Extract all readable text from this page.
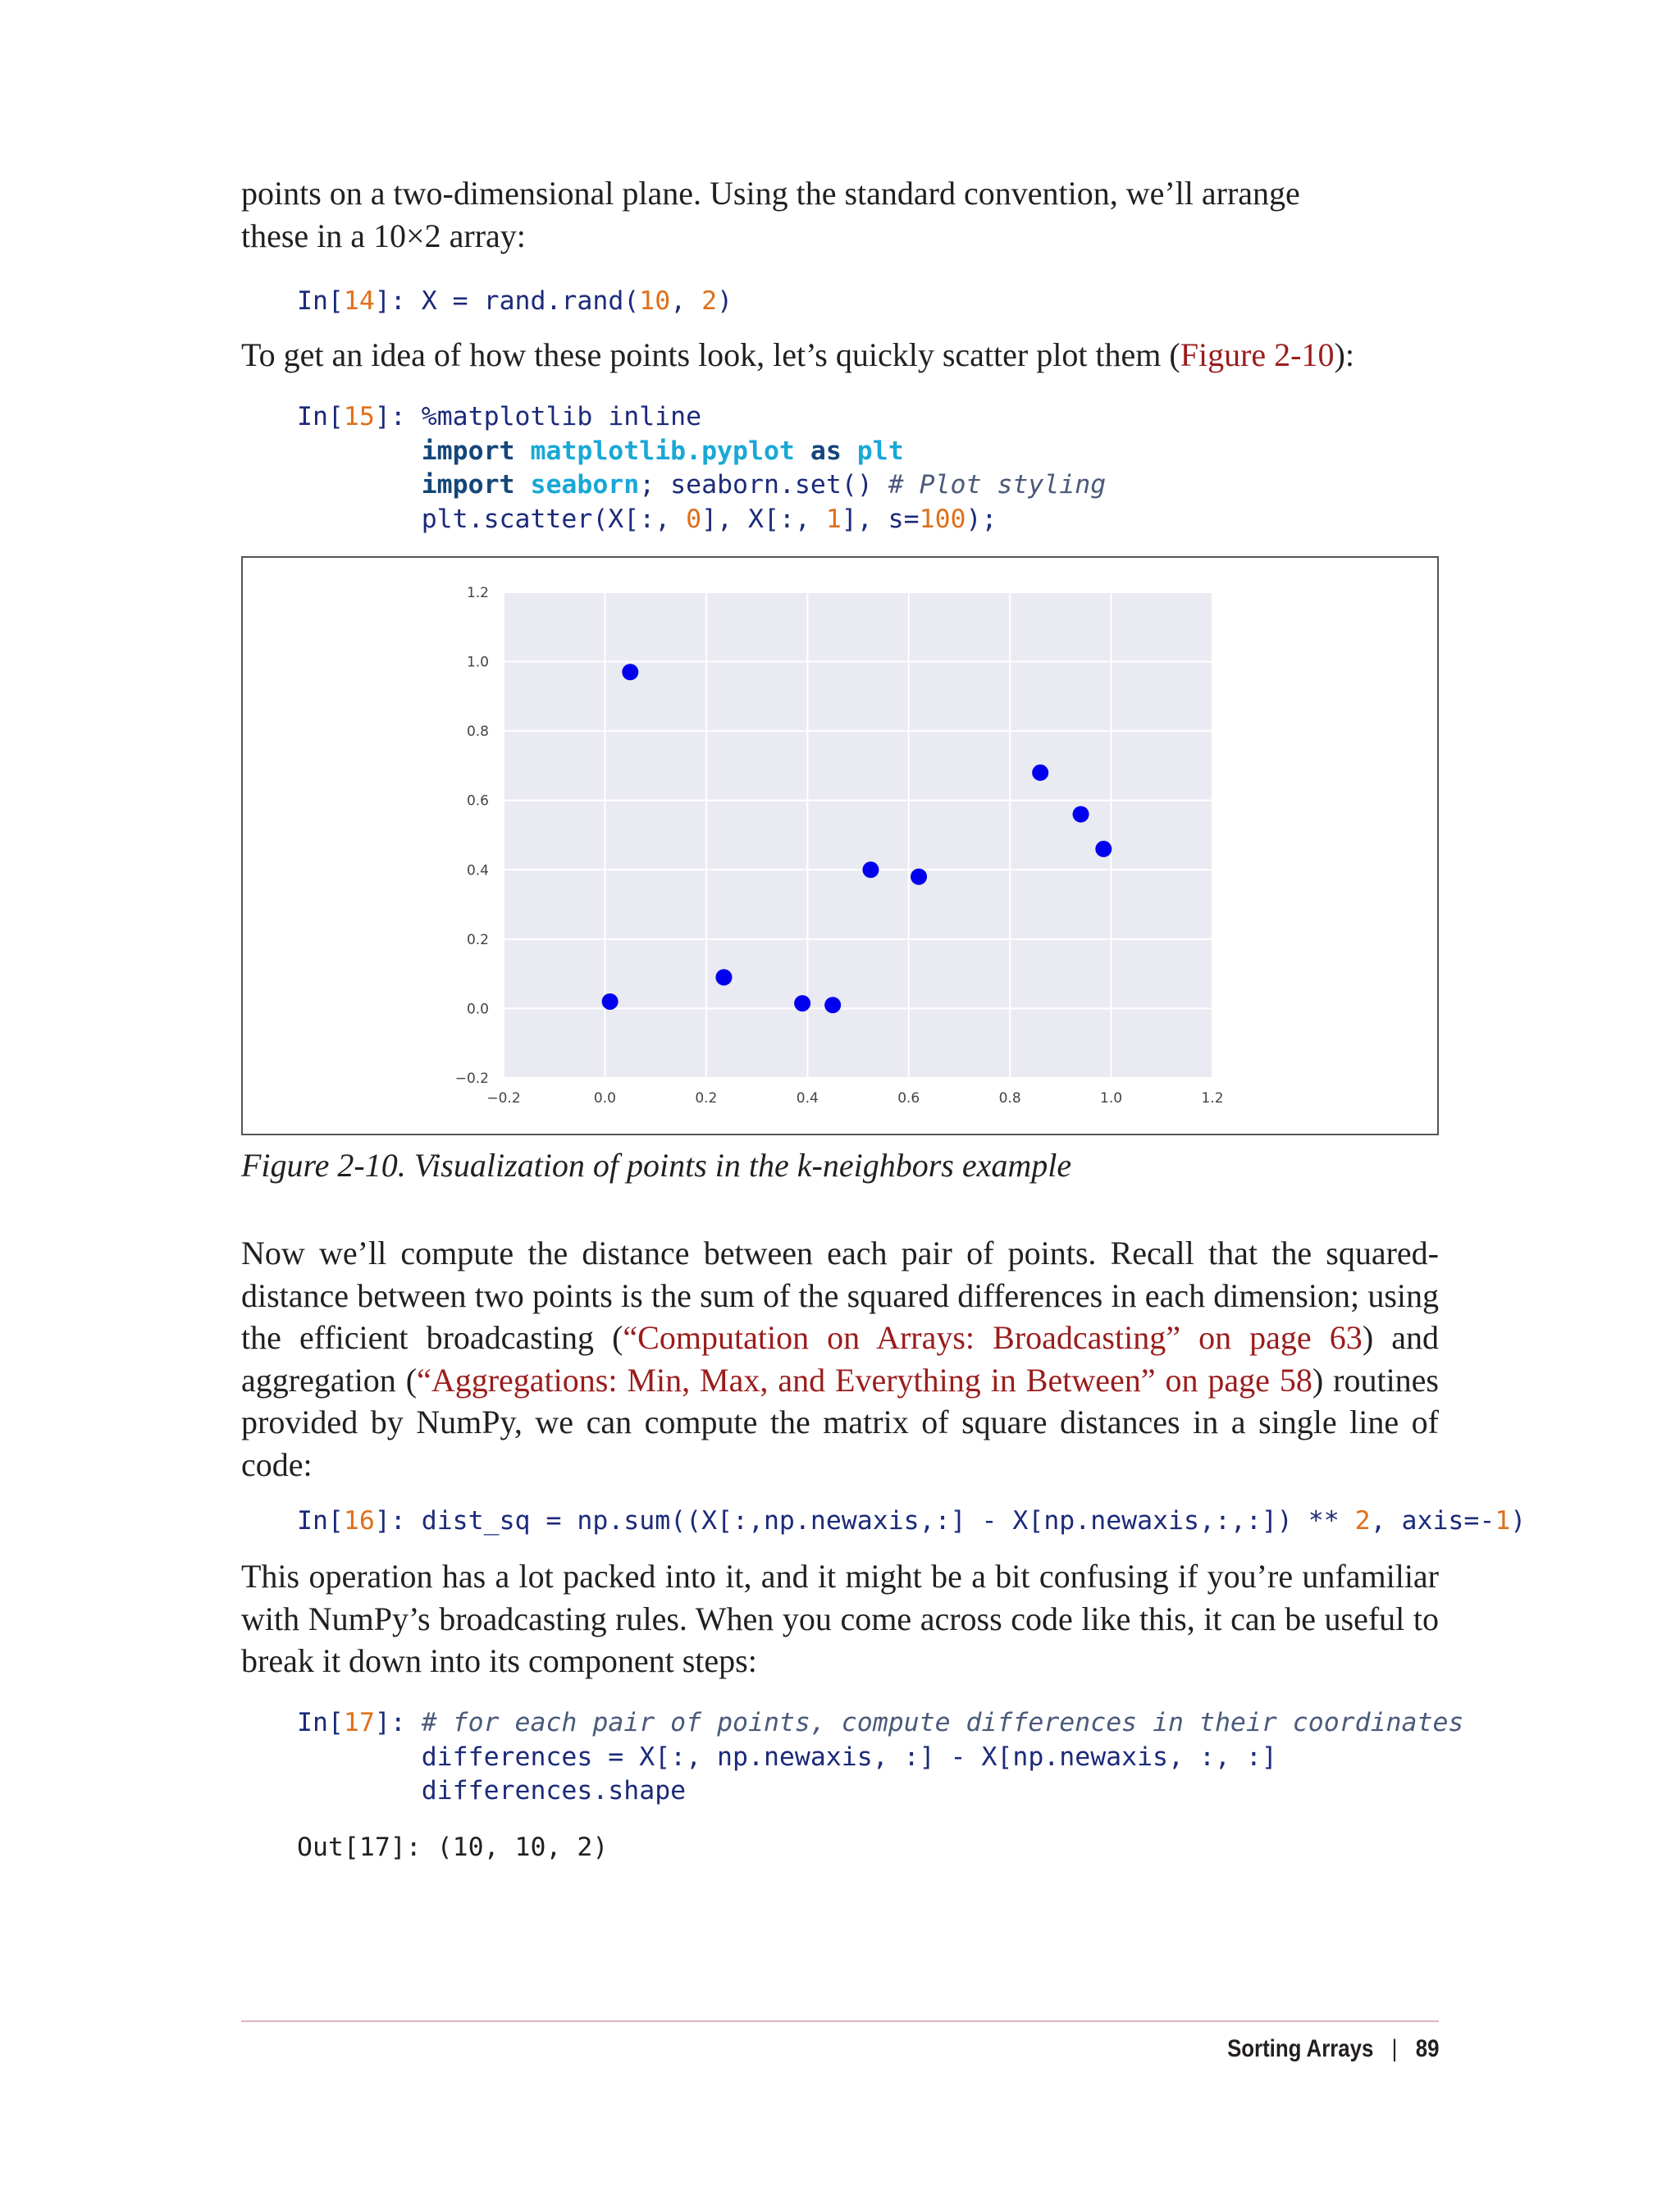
points on a two-dimensional plane. Using the standard convention, we’ll arrange
these in a 10×2 array:

In[14]: X = rand.rand(10, 2)

To get an idea of how these points look, let’s quickly scatter plot them (Figure 2-10):

In[15]: %matplotlib inline
import matplotlib.pyplot as plt
import seaborn; seaborn.set() # Plot styling
plt.scatter(X[:, 0], X[:, 1], s=100);
−0.2	0.0	0.2	0.4	0.6	0.8	1.0	1.2
−0.2
0.0
0.2
0.4
0.6
0.8
1.0
1.2

Figure 2-10. Visualization of points in the k-neighbors example

Now we’ll compute the distance between each pair of points. Recall that the squared-distance between two points is the sum of the squared differences in each dimension; using the efficient broadcasting (“Computation on Arrays: Broadcasting” on page 63) and aggregation (“Aggregations: Min, Max, and Everything in Between” on page 58) routines provided by NumPy, we can compute the matrix of square distances in a single line of code:

In[16]: dist_sq = np.sum((X[:,np.newaxis,:] - X[np.newaxis,:,:]) ** 2, axis=-1)

This operation has a lot packed into it, and it might be a bit confusing if you’re unfamiliar with NumPy’s broadcasting rules. When you come across code like this, it can be useful to break it down into its component steps:

In[17]: # for each pair of points, compute differences in their coordinates
differences = X[:, np.newaxis, :] - X[np.newaxis, :, :]
differences.shape
Out[17]: (10, 10, 2)
Sorting Arrays | 89
